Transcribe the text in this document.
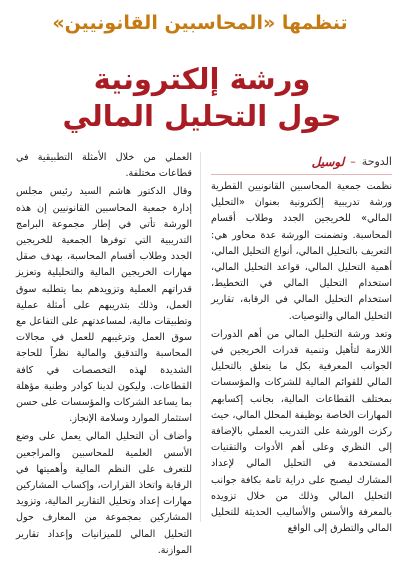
تنظمها «المحاسبين القانونيين»
ورشة إلكترونية
حول التحليل المالي
الدوحة
–
لوسيل

نظمت جمعية المحاسبين القانونيين القطرية ورشة تدريبية إلكترونية بعنوان «التحليل المالي» للخريجين الجدد وطلاب أقسام المحاسبة. وتضمنت الورشة عدة محاور هي: التعريف بالتحليل المالي، أنواع التحليل المالي، أهمية التحليل المالي، قواعد التحليل المالي، استخدام التحليل المالي في التخطيط، استخدام التحليل المالي في الرقابة، تقارير التحليل المالي والتوصيات.

وتعد ورشة التحليل المالي من أهم الدورات اللازمة لتأهيل وتنمية قدرات الخريجين في الجوانب المعرفية بكل ما يتعلق بالتحليل المالي للقوائم المالية للشركات والمؤسسات بمختلف القطاعات المالية، بجانب إكسابهم المهارات الخاصة بوظيفة المحلل المالي، حيث ركزت الورشة على التدريب العملي بالإضافة إلى النظري وعلى أهم الأدوات والتقنيات المستخدمة في التحليل المالي لإعداد المشارك ليصبح على دراية تامة بكافة جوانب التحليل المالي وذلك من خلال تزويده بالمعرفة والأسس والأساليب الحديثة للتحليل المالي والتطرق إلى الواقع

العملي من خلال الأمثلة التطبيقية في قطاعات مختلفة.

وقال الدكتور هاشم السيد رئيس مجلس إدارة جمعية المحاسبين القانونيين إن هذه الورشة تأتي في إطار مجموعة البرامج التدريبية التي توفرها الجمعية للخريجين الجدد وطلاب أقسام المحاسبة، بهدف صقل مهارات الخريجين المالية والتحليلية وتعزيز قدراتهم العملية وتزويدهم بما يتطلبه سوق العمل، وذلك بتدريبهم على أمثلة عملية وتطبيقات مالية، لمساعدتهم على التفاعل مع سوق العمل وترغيبهم للعمل في مجالات المحاسبة والتدقيق والمالية نظراً للحاجة الشديدة لهذه التخصصات في كافة القطاعات. وليكون لدينا كوادر وطنية مؤهلة بما يساعد الشركات والمؤسسات على حسن استثمار الموارد وسلامة الإنجاز.

وأضاف أن التحليل المالي يعمل على وضع الأسس العلمية للمحاسبين والمراجعين للتعرف على النظم المالية وأهميتها في الرقابة واتخاذ القرارات، وإكساب المشاركين مهارات إعداد وتحليل التقارير المالية، وتزويد المشاركين بمجموعة من المعارف حول التحليل المالي للميزانيات وإعداد تقارير الموازنة.
